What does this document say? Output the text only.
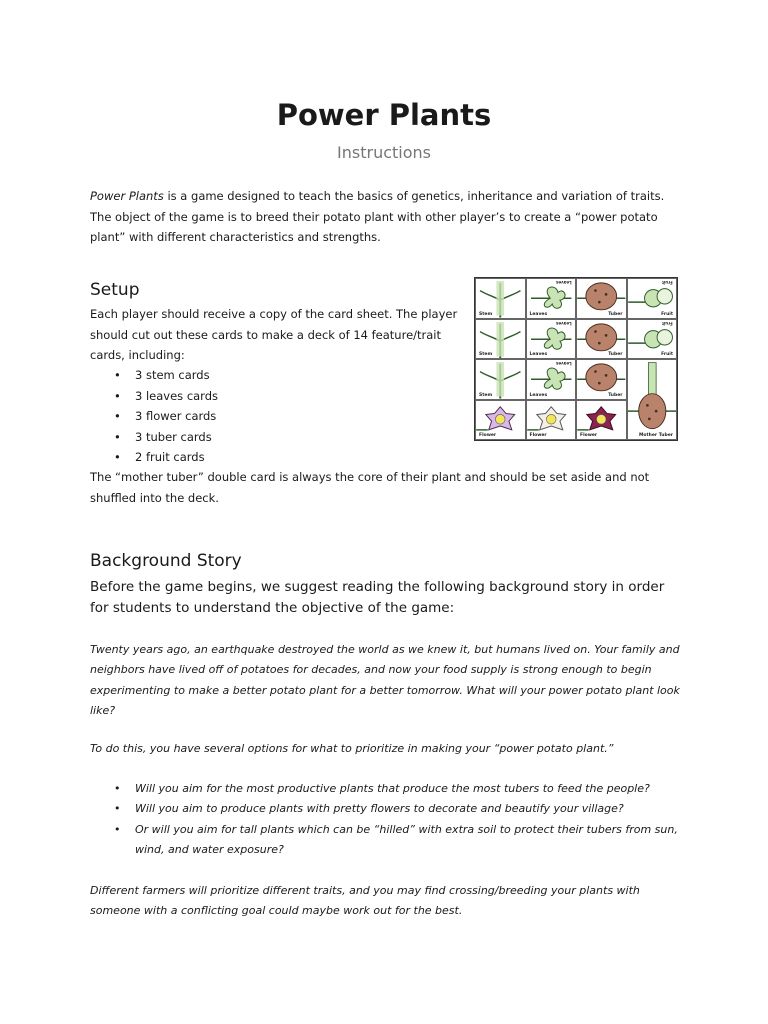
Power Plants
Instructions

Power Plants is a game designed to teach the basics of genetics, inheritance and variation of traits. The object of the game is to breed their potato plant with other player’s to create a “power potato plant” with different characteristics and strengths.

Setup

Each player should receive a copy of the card sheet. The player should cut out these cards to make a deck of 14 feature/trait cards, including:

• 3 stem cards
• 3 leaves cards
• 3 flower cards
• 3 tuber cards
• 2 fruit cards

The “mother tuber” double card is always the core of their plant and should be set aside and not shuffled into the deck.

Stem	Leaves
Leaves
Tuber	Fruit
Fruit
Stem	Leaves
Leaves
Tuber	Fruit
Fruit
Stem	Leaves
Leaves
Tuber
Mother Tuber
Flower	Flower	Flower
Background Story

Before the game begins, we suggest reading the following background story in order for students to understand the objective of the game:

Twenty years ago, an earthquake destroyed the world as we knew it, but humans lived on. Your family and neighbors have lived off of potatoes for decades, and now your food supply is strong enough to begin experimenting to make a better potato plant for a better tomorrow. What will your power potato plant look like?

To do this, you have several options for what to prioritize in making your “power potato plant.”

• Will you aim for the most productive plants that produce the most tubers to feed the people?
• Will you aim to produce plants with pretty flowers to decorate and beautify your village?
• Or will you aim for tall plants which can be “hilled” with extra soil to protect their tubers from sun, wind, and water exposure?

Different farmers will prioritize different traits, and you may find crossing/breeding your plants with someone with a conflicting goal could maybe work out for the best.
